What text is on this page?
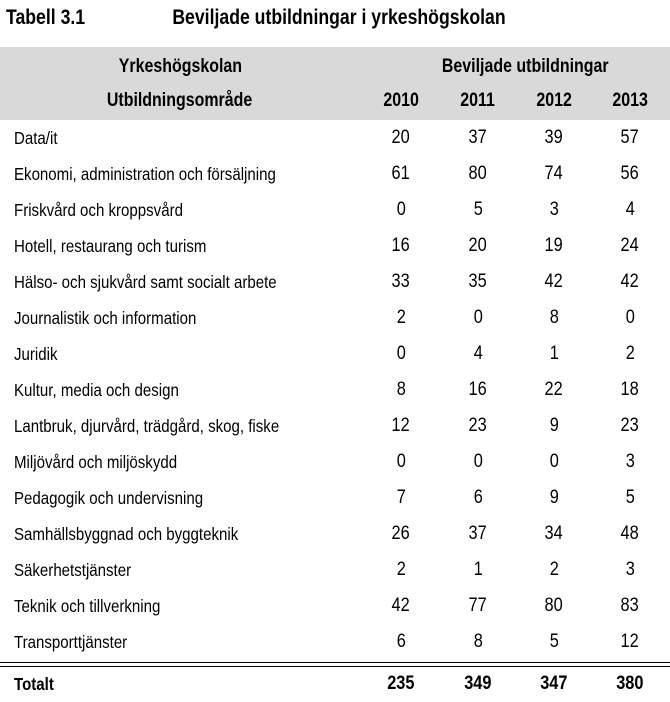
Tabell 3.1	Beviljade utbildningar i yrkeshögskolan
Yrkeshögskolan
Utbildningsområde
Beviljade utbildningar
2010	2011	2012	2013
Data/it	20	37	39	57
Ekonomi, administration och försäljning	61	80	74	56
Friskvård och kroppsvård	0	5	3	4
Hotell, restaurang och turism	16	20	19	24
Hälso- och sjukvård samt socialt arbete	33	35	42	42
Journalistik och information	2	0	8	0
Juridik	0	4	1	2
Kultur, media och design	8	16	22	18
Lantbruk, djurvård, trädgård, skog, fiske	12	23	9	23
Miljövård och miljöskydd	0	0	0	3
Pedagogik och undervisning	7	6	9	5
Samhällsbyggnad och byggteknik	26	37	34	48
Säkerhetstjänster	2	1	2	3
Teknik och tillverkning	42	77	80	83
Transporttjänster	6	8	5	12
Totalt	235	349	347	380
